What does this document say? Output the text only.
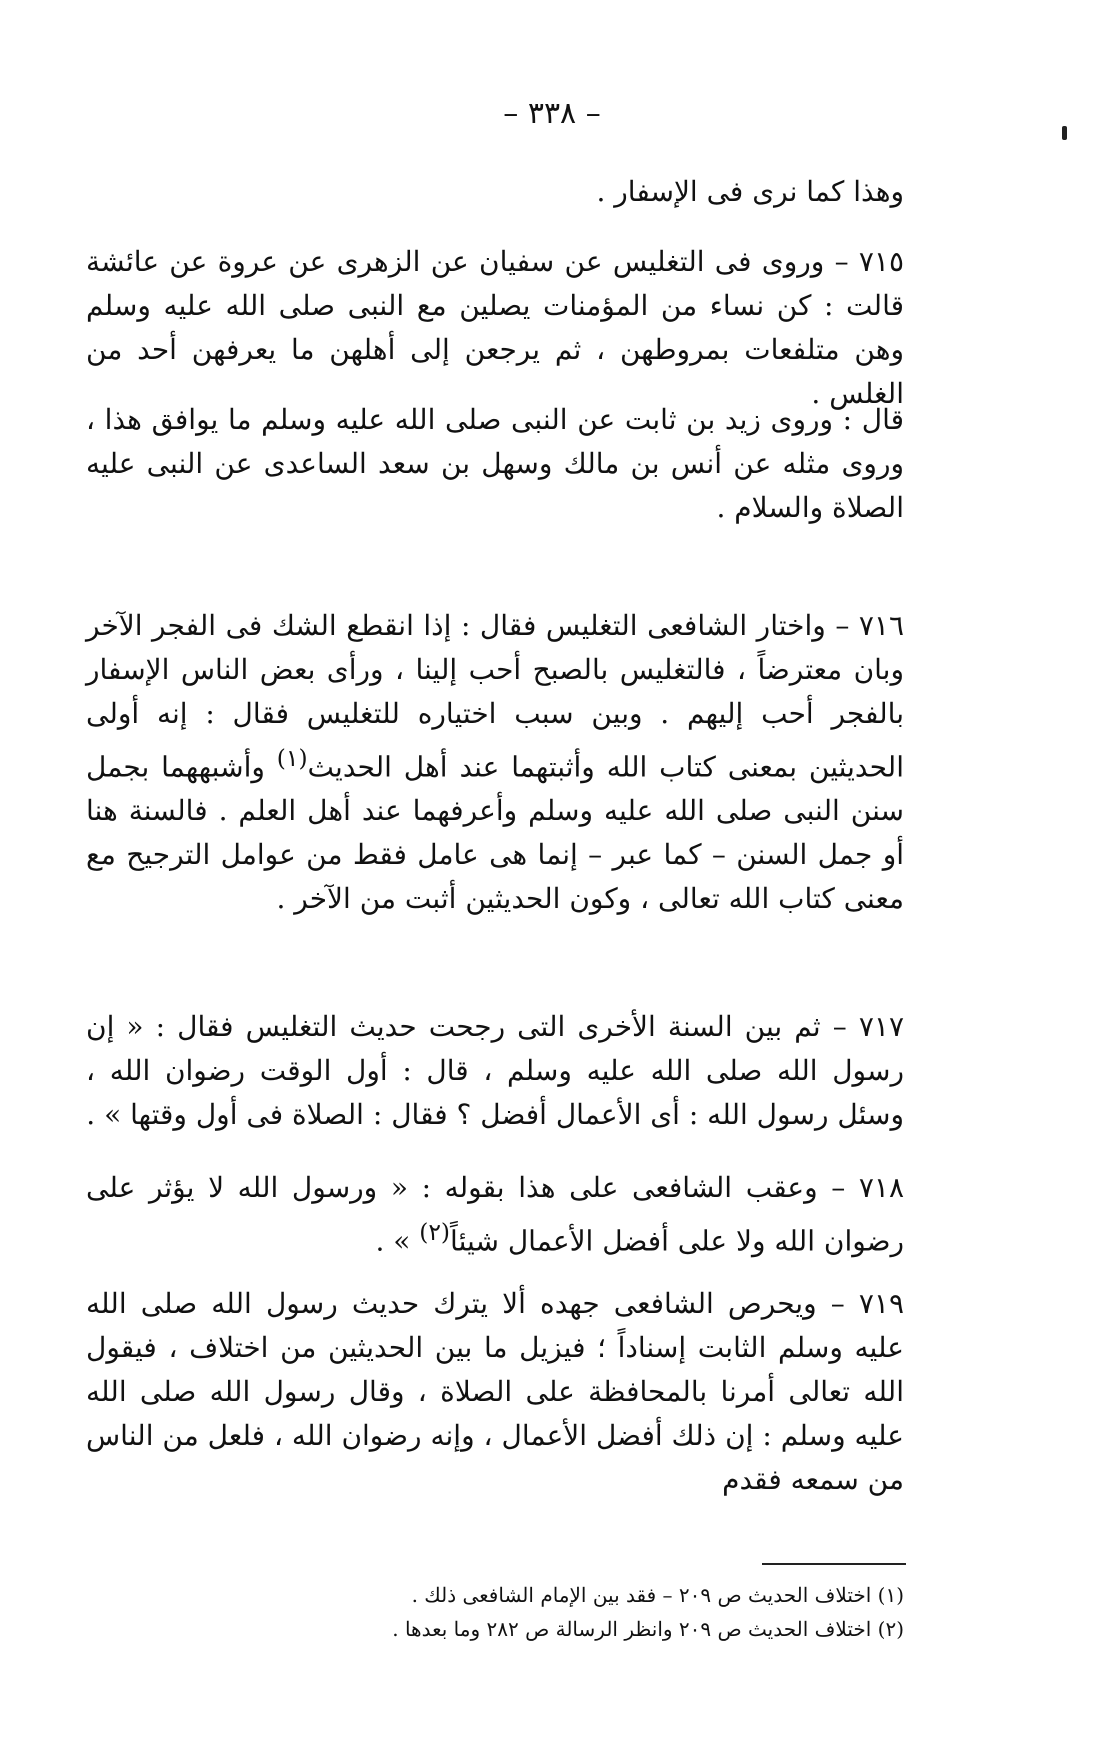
– ٣٣٨ –

وهذا كما نرى فى الإسفار .

٧١٥ – وروى فى التغليس عن سفيان عن الزهرى عن عروة عن عائشة قالت : كن نساء من المؤمنات يصلين مع النبى صلى الله عليه وسلم وهن متلفعات بمروطهن ، ثم يرجعن إلى أهلهن ما يعرفهن أحد من الغلس .

قال : وروى زيد بن ثابت عن النبى صلى الله عليه وسلم ما يوافق هذا ، وروى مثله عن أنس بن مالك وسهل بن سعد الساعدى عن النبى عليه الصلاة والسلام .

٧١٦ – واختار الشافعى التغليس فقال : إذا انقطع الشك فى الفجر الآخر وبان معترضاً ، فالتغليس بالصبح أحب إلينا ، ورأى بعض الناس الإسفار بالفجر أحب إليهم . وبين سبب اختياره للتغليس فقال : إنه أولى الحديثين بمعنى كتاب الله وأثبتهما عند أهل الحديث$^{(١)}$ وأشبههما بجمل سنن النبى صلى الله عليه وسلم وأعرفهما عند أهل العلم . فالسنة هنا أو جمل السنن – كما عبر – إنما هى عامل فقط من عوامل الترجيح مع معنى كتاب الله تعالى ، وكون الحديثين أثبت من الآخر .

٧١٧ – ثم بين السنة الأخرى التى رجحت حديث التغليس فقال : « إن رسول الله صلى الله عليه وسلم ، قال : أول الوقت رضوان الله ، وسئل رسول الله : أى الأعمال أفضل ؟ فقال : الصلاة فى أول وقتها » .

٧١٨ – وعقب الشافعى على هذا بقوله : « ورسول الله لا يؤثر على رضوان الله ولا على أفضل الأعمال شيئاً$^{(٢)}$ » .

٧١٩ – ويحرص الشافعى جهده ألا يترك حديث رسول الله صلى الله عليه وسلم الثابت إسناداً ؛ فيزيل ما بين الحديثين من اختلاف ، فيقول الله تعالى أمرنا بالمحافظة على الصلاة ، وقال رسول الله صلى الله عليه وسلم : إن ذلك أفضل الأعمال ، وإنه رضوان الله ، فلعل من الناس من سمعه فقدم

(١) اختلاف الحديث ص ٢٠٩ – فقد بين الإمام الشافعى ذلك .

(٢) اختلاف الحديث ص ٢٠٩ وانظر الرسالة ص ٢٨٢ وما بعدها .
